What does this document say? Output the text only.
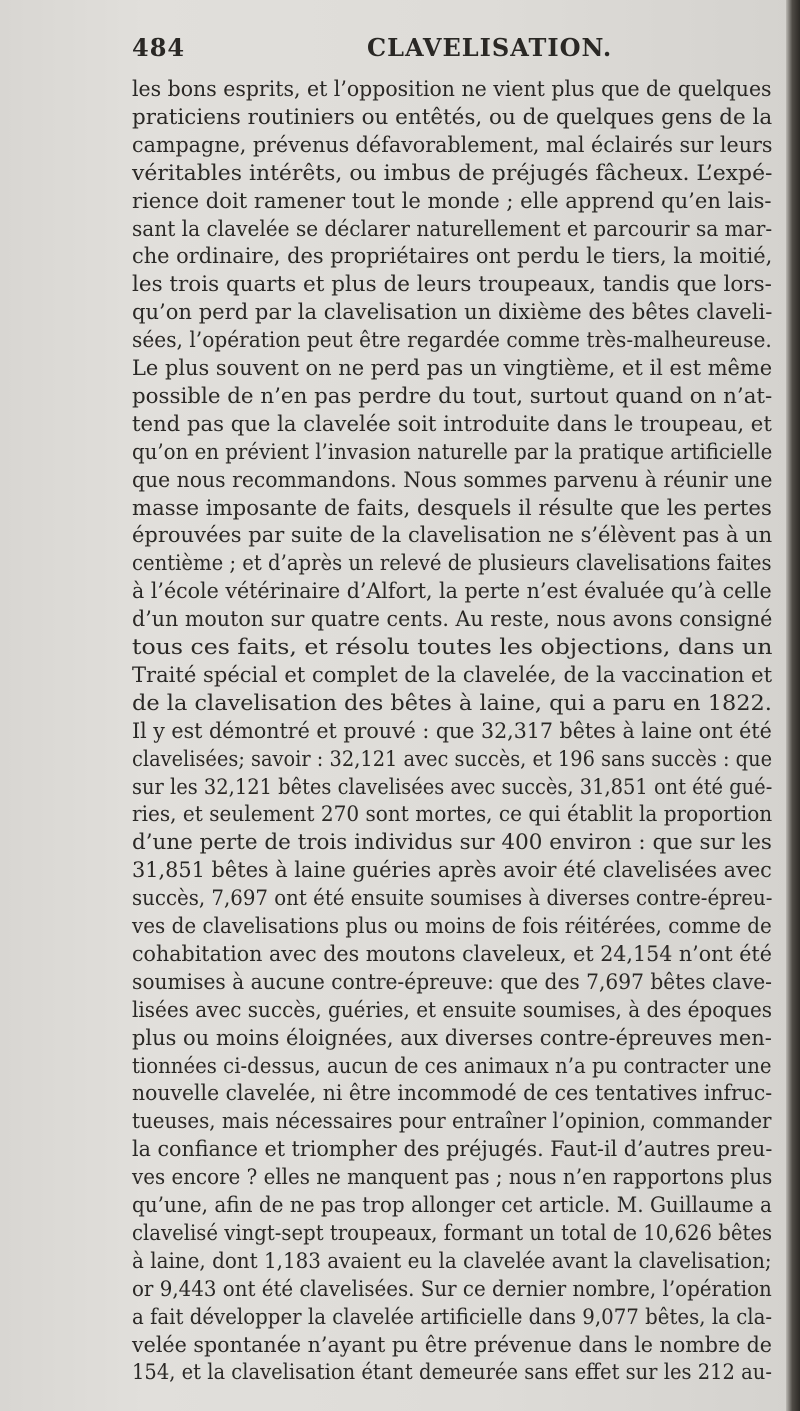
484	CLAVELISATION.
les bons esprits, et l’opposition ne vient plus que de quelques
praticiens routiniers ou entêtés, ou de quelques gens de la
campagne, prévenus défavorablement, mal éclairés sur leurs
véritables intérêts, ou imbus de préjugés fâcheux. L’expé-
rience doit ramener tout le monde ; elle apprend qu’en lais-
sant la clavelée se déclarer naturellement et parcourir sa mar-
che ordinaire, des propriétaires ont perdu le tiers, la moitié,
les trois quarts et plus de leurs troupeaux, tandis que lors-
qu’on perd par la clavelisation un dixième des bêtes claveli-
sées, l’opération peut être regardée comme très-malheureuse.
Le plus souvent on ne perd pas un vingtième, et il est même
possible de n’en pas perdre du tout, surtout quand on n’at-
tend pas que la clavelée soit introduite dans le troupeau, et
qu’on en prévient l’invasion naturelle par la pratique artificielle
que nous recommandons. Nous sommes parvenu à réunir une
masse imposante de faits, desquels il résulte que les pertes
éprouvées par suite de la clavelisation ne s’élèvent pas à un
centième ; et d’après un relevé de plusieurs clavelisations faites
à l’école vétérinaire d’Alfort, la perte n’est évaluée qu’à celle
d’un mouton sur quatre cents. Au reste, nous avons consigné
tous ces faits, et résolu toutes les objections, dans un
Traité spécial et complet de la clavelée, de la vaccination et
de la clavelisation des bêtes à laine, qui a paru en 1822.
Il y est démontré et prouvé : que 32,317 bêtes à laine ont été
clavelisées; savoir : 32,121 avec succès, et 196 sans succès : que
sur les 32,121 bêtes clavelisées avec succès, 31,851 ont été gué-
ries, et seulement 270 sont mortes, ce qui établit la proportion
d’une perte de trois individus sur 400 environ : que sur les
31,851 bêtes à laine guéries après avoir été clavelisées avec
succès, 7,697 ont été ensuite soumises à diverses contre-épreu-
ves de clavelisations plus ou moins de fois réitérées, comme de
cohabitation avec des moutons claveleux, et 24,154 n’ont été
soumises à aucune contre-épreuve: que des 7,697 bêtes clave-
lisées avec succès, guéries, et ensuite soumises, à des époques
plus ou moins éloignées, aux diverses contre-épreuves men-
tionnées ci-dessus, aucun de ces animaux n’a pu contracter une
nouvelle clavelée, ni être incommodé de ces tentatives infruc-
tueuses, mais nécessaires pour entraîner l’opinion, commander
la confiance et triompher des préjugés. Faut-il d’autres preu-
ves encore ? elles ne manquent pas ; nous n’en rapportons plus
qu’une, afin de ne pas trop allonger cet article. M. Guillaume a
clavelisé vingt-sept troupeaux, formant un total de 10,626 bêtes
à laine, dont 1,183 avaient eu la clavelée avant la clavelisation;
or 9,443 ont été clavelisées. Sur ce dernier nombre, l’opération
a fait développer la clavelée artificielle dans 9,077 bêtes, la cla-
velée spontanée n’ayant pu être prévenue dans le nombre de
154, et la clavelisation étant demeurée sans effet sur les 212 au-
